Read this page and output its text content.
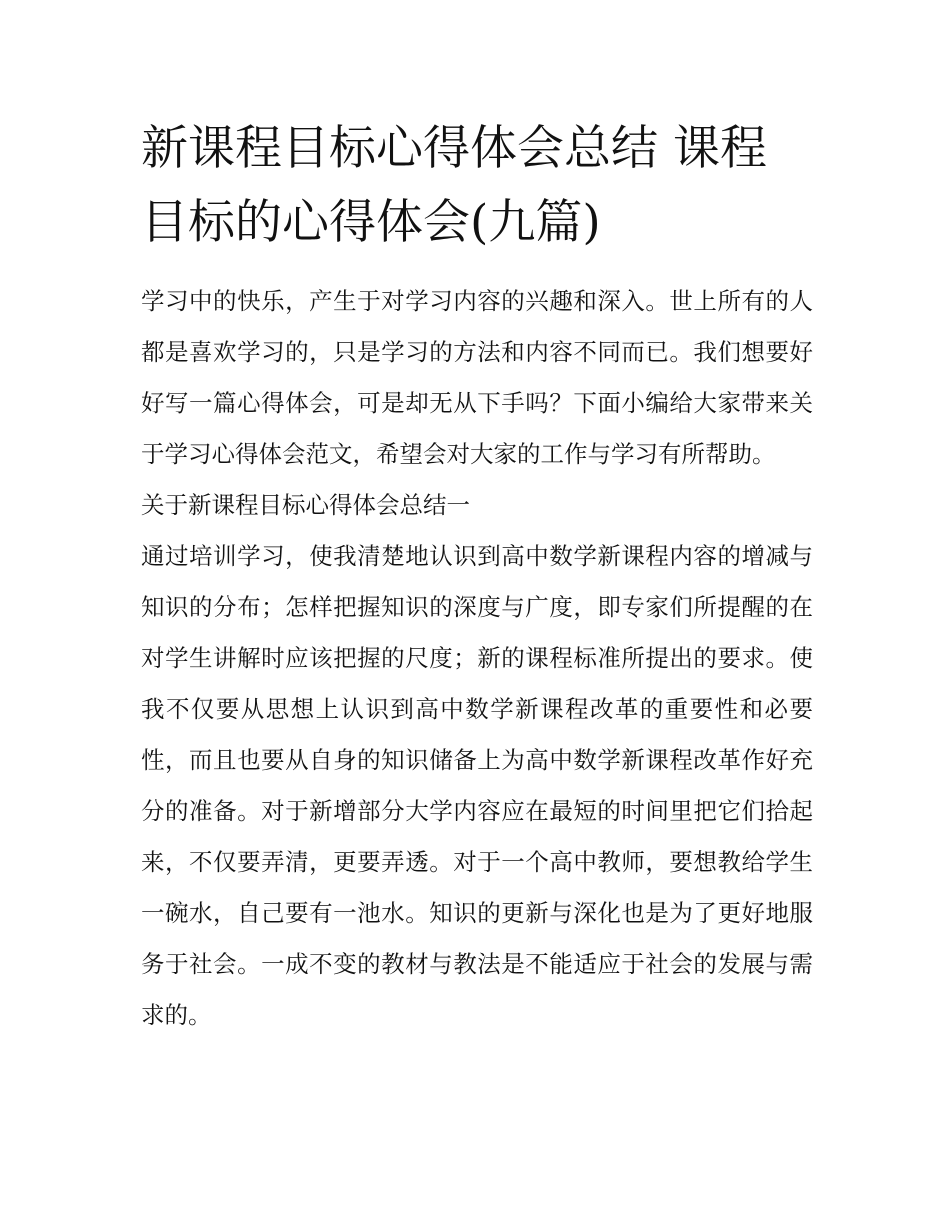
新课程目标心得体会总结 课程目标的心得体会(九篇)

学习中的快乐，产生于对学习内容的兴趣和深入。世上所有的人都是喜欢学习的，只是学习的方法和内容不同而已。我们想要好好写一篇心得体会，可是却无从下手吗？下面小编给大家带来关于学习心得体会范文，希望会对大家的工作与学习有所帮助。

关于新课程目标心得体会总结一

通过培训学习，使我清楚地认识到高中数学新课程内容的增减与知识的分布；怎样把握知识的深度与广度，即专家们所提醒的在对学生讲解时应该把握的尺度；新的课程标准所提出的要求。使我不仅要从思想上认识到高中数学新课程改革的重要性和必要性，而且也要从自身的知识储备上为高中数学新课程改革作好充分的准备。对于新增部分大学内容应在最短的时间里把它们拾起来，不仅要弄清，更要弄透。对于一个高中教师，要想教给学生一碗水，自己要有一池水。知识的更新与深化也是为了更好地服务于社会。一成不变的教材与教法是不能适应于社会的发展与需求的。
